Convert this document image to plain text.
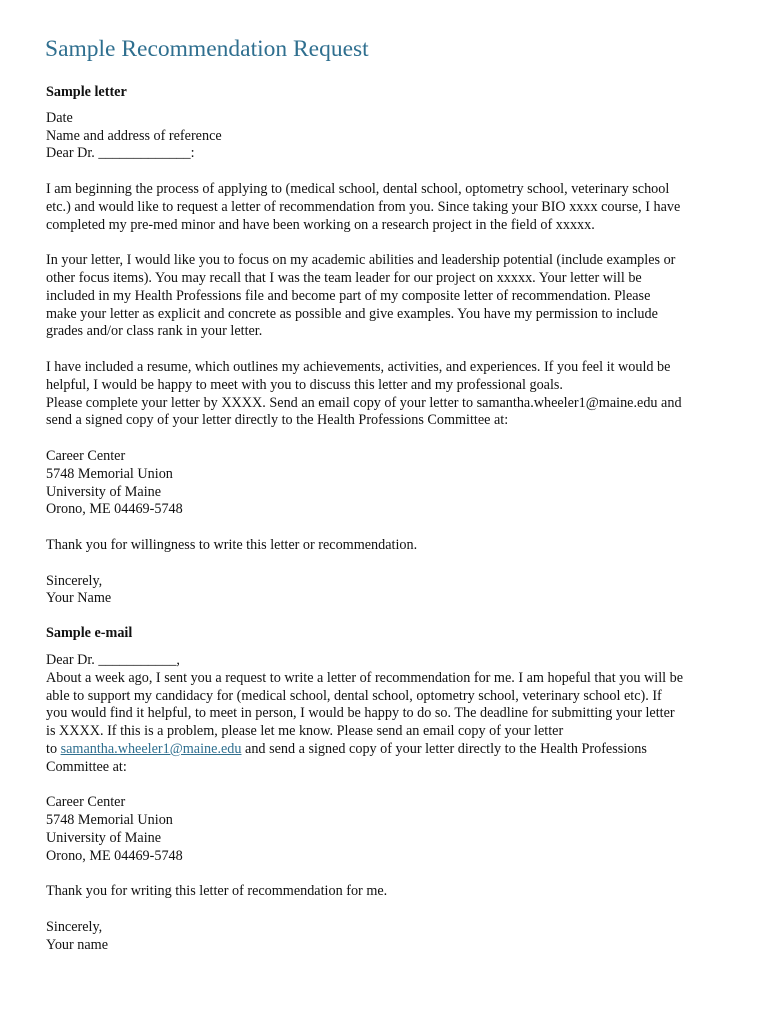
Sample Recommendation Request
Sample letter
Date
Name and address of reference
Dear Dr. _____________:
I am beginning the process of applying to (medical school, dental school, optometry school, veterinary school
etc.) and would like to request a letter of recommendation from you. Since taking your BIO xxxx course, I have
completed my pre-med minor and have been working on a research project in the field of xxxxx.
In your letter, I would like you to focus on my academic abilities and leadership potential (include examples or
other focus items). You may recall that I was the team leader for our project on xxxxx. Your letter will be
included in my Health Professions file and become part of my composite letter of recommendation. Please
make your letter as explicit and concrete as possible and give examples. You have my permission to include
grades and/or class rank in your letter.
I have included a resume, which outlines my achievements, activities, and experiences. If you feel it would be
helpful, I would be happy to meet with you to discuss this letter and my professional goals.
Please complete your letter by XXXX. Send an email copy of your letter to samantha.wheeler1@maine.edu and
send a signed copy of your letter directly to the Health Professions Committee at:
Career Center
5748 Memorial Union
University of Maine
Orono, ME 04469-5748
Thank you for willingness to write this letter or recommendation.
Sincerely,
Your Name
Sample e-mail
Dear Dr. ___________,
About a week ago, I sent you a request to write a letter of recommendation for me. I am hopeful that you will be
able to support my candidacy for (medical school, dental school, optometry school, veterinary school etc). If
you would find it helpful, to meet in person, I would be happy to do so. The deadline for submitting your letter
is XXXX. If this is a problem, please let me know. Please send an email copy of your letter
to samantha.wheeler1@maine.edu and send a signed copy of your letter directly to the Health Professions
Committee at:
Career Center
5748 Memorial Union
University of Maine
Orono, ME 04469-5748
Thank you for writing this letter of recommendation for me.
Sincerely,
Your name
